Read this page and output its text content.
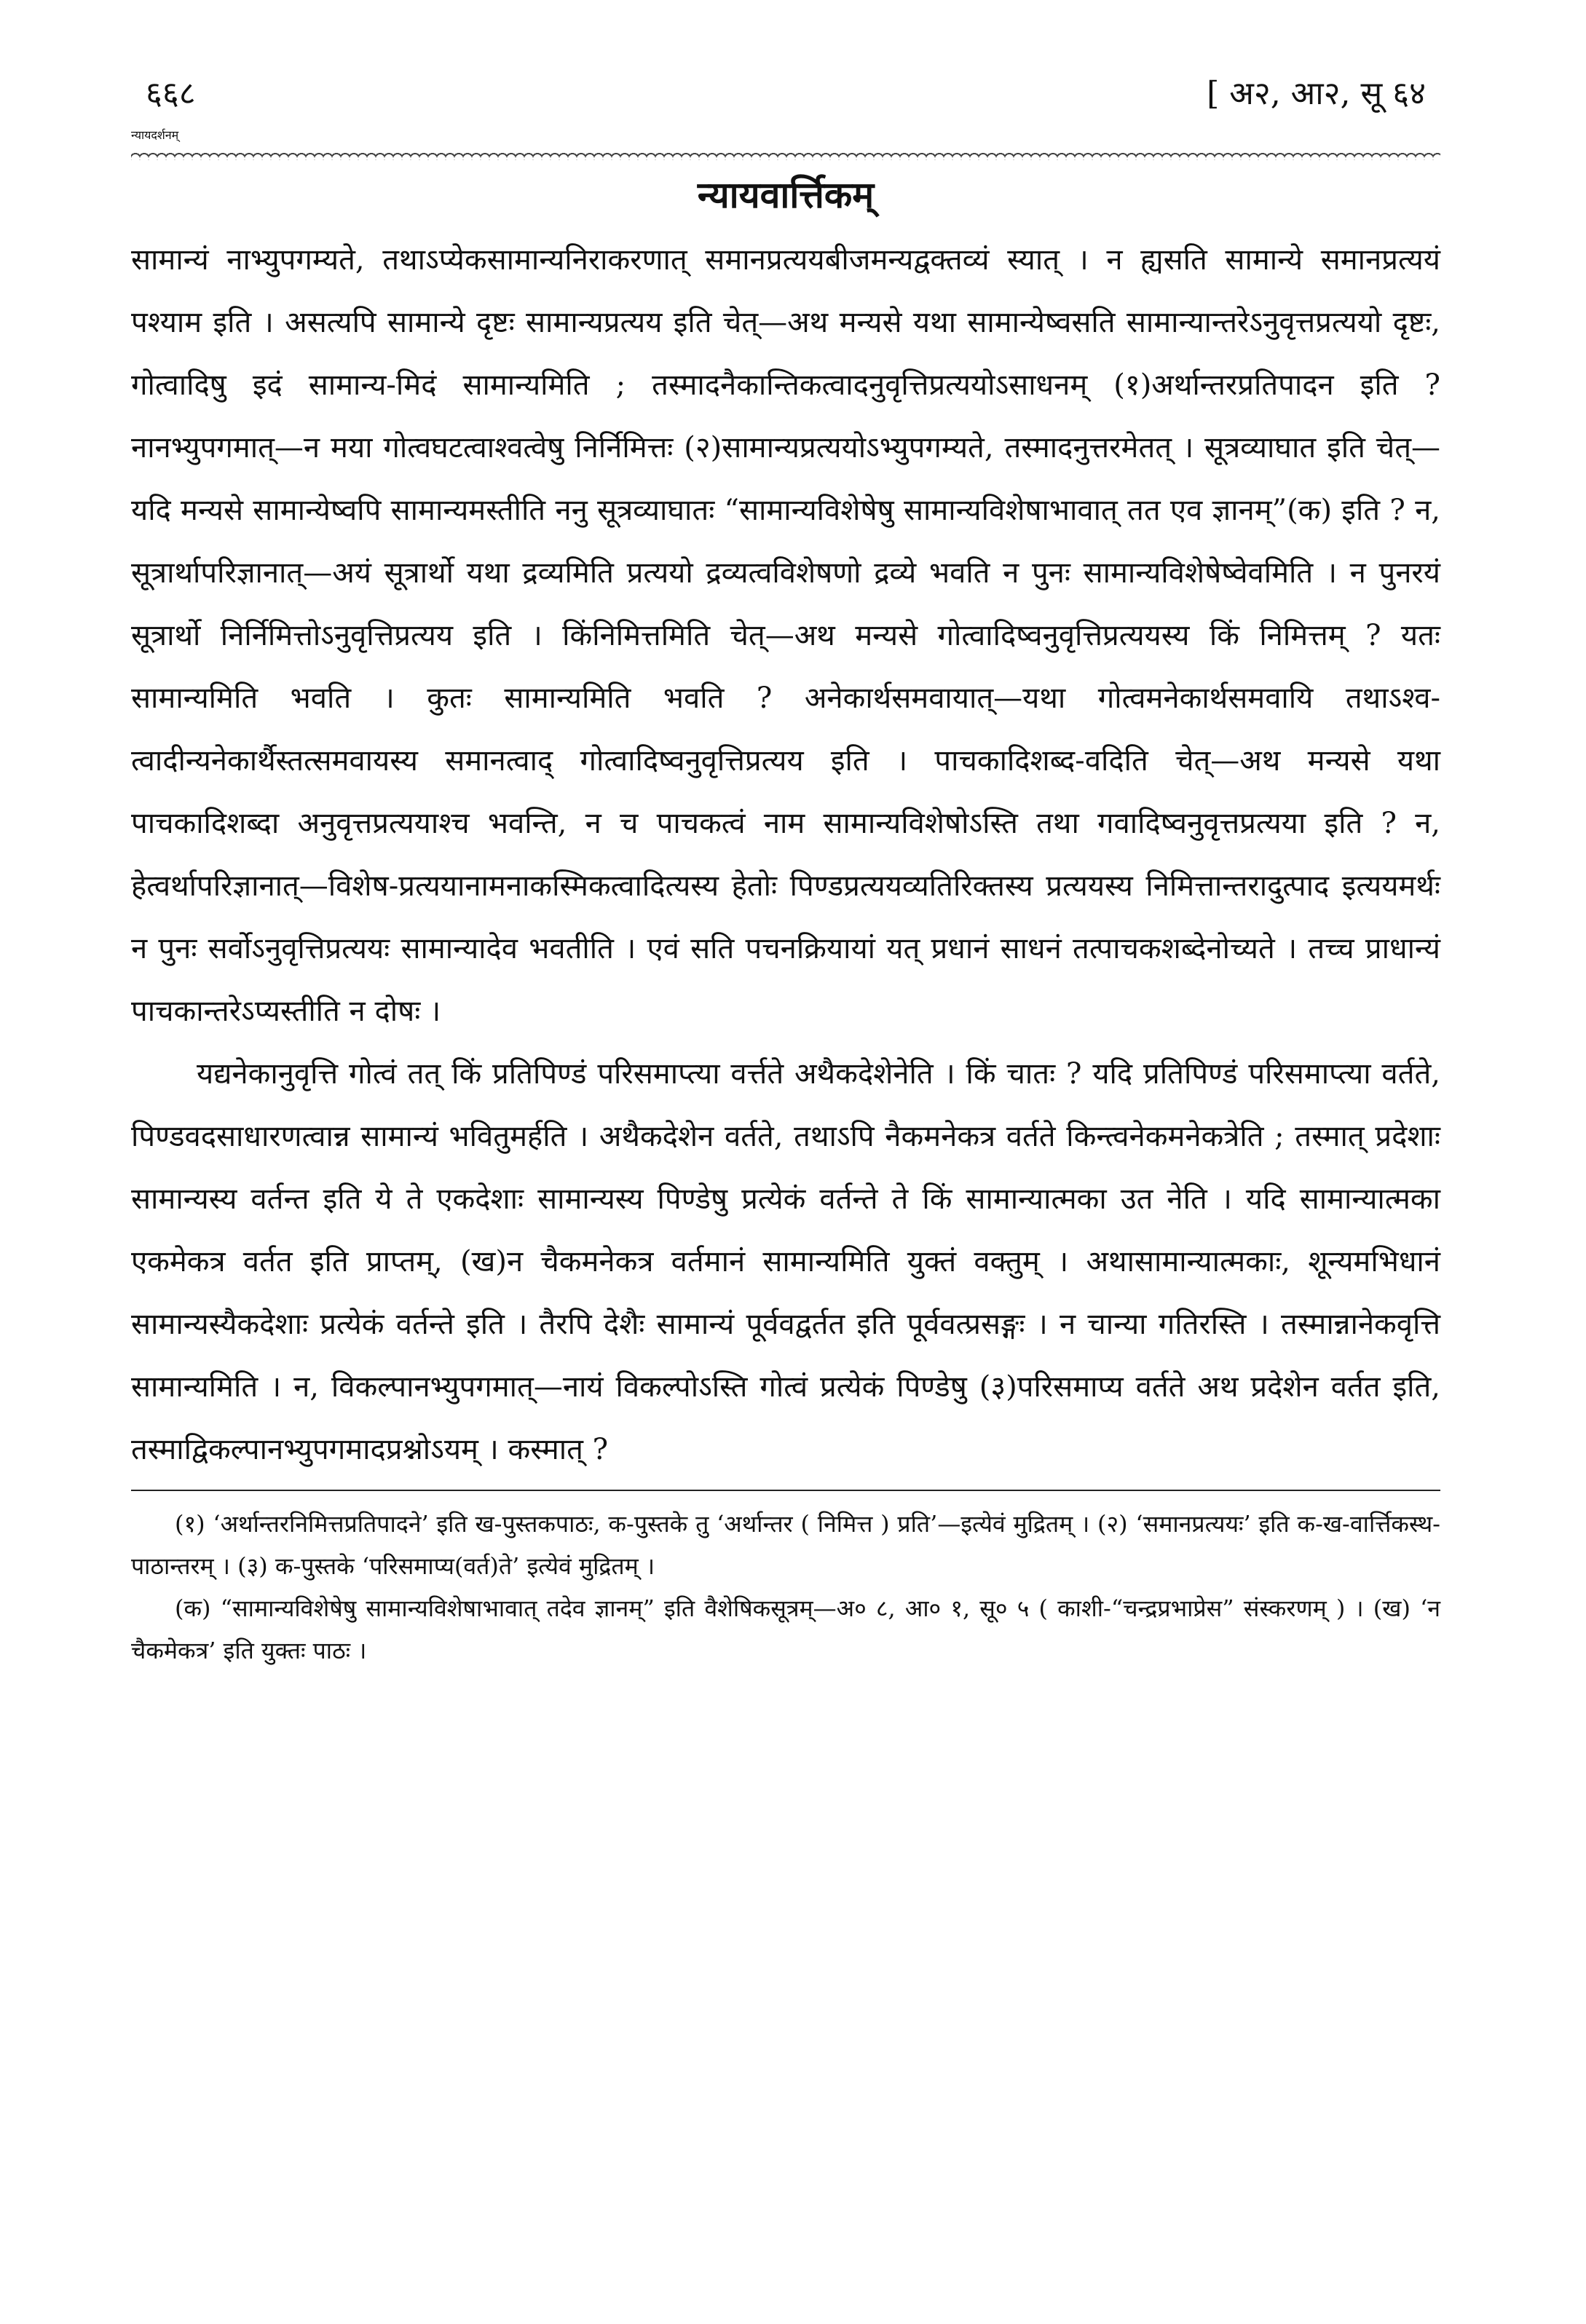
६६८	[ अ२, आ२, सू ६४
न्यायदर्शनम्
न्यायवार्त्तिकम्

सामान्यं नाभ्युपगम्यते, तथाऽप्येकसामान्यनिराकरणात् समानप्रत्ययबीजमन्यद्वक्तव्यं स्यात् । न ह्यसति सामान्ये समानप्रत्ययं पश्याम इति । असत्यपि सामान्ये दृष्टः सामान्यप्रत्यय इति चेत्—अथ मन्यसे यथा सामान्येष्वसति सामान्यान्तरेऽनुवृत्तप्रत्ययो दृष्टः, गोत्वादिषु इदं सामान्य-मिदं सामान्यमिति ; तस्मादनैकान्तिकत्वादनुवृत्तिप्रत्ययोऽसाधनम् (१)अर्थान्तरप्रतिपादन इति ? नानभ्युपगमात्—न मया गोत्वघटत्वाश्वत्वेषु निर्निमित्तः (२)सामान्यप्रत्ययोऽभ्युपगम्यते, तस्मादनुत्तरमेतत् । सूत्रव्याघात इति चेत्—यदि मन्यसे सामान्येष्वपि सामान्यमस्तीति ननु सूत्रव्याघातः “सामान्यविशेषेषु सामान्यविशेषाभावात् तत एव ज्ञानम्”(क) इति ? न, सूत्रार्थापरिज्ञानात्—अयं सूत्रार्थो यथा द्रव्यमिति प्रत्ययो द्रव्यत्वविशेषणो द्रव्ये भवति न पुनः सामान्यविशेषेष्वेवमिति । न पुनरयं सूत्रार्थो निर्निमित्तोऽनुवृत्तिप्रत्यय इति । किंनिमित्तमिति चेत्—अथ मन्यसे गोत्वादिष्वनुवृत्तिप्रत्ययस्य किं निमित्तम् ? यतः सामान्यमिति भवति । कुतः सामान्यमिति भवति ? अनेकार्थसमवायात्—यथा गोत्वमनेकार्थसमवायि तथाऽश्व-त्वादीन्यनेकार्थैस्तत्समवायस्य समानत्वाद् गोत्वादिष्वनुवृत्तिप्रत्यय इति । पाचकादिशब्द-वदिति चेत्—अथ मन्यसे यथा पाचकादिशब्दा अनुवृत्तप्रत्ययाश्च भवन्ति, न च पाचकत्वं नाम सामान्यविशेषोऽस्ति तथा गवादिष्वनुवृत्तप्रत्यया इति ? न, हेत्वर्थापरिज्ञानात्—विशेष-प्रत्ययानामनाकस्मिकत्वादित्यस्य हेतोः पिण्डप्रत्ययव्यतिरिक्तस्य प्रत्ययस्य निमित्तान्तरादुत्पाद इत्ययमर्थः न पुनः सर्वोऽनुवृत्तिप्रत्ययः सामान्यादेव भवतीति । एवं सति पचनक्रियायां यत् प्रधानं साधनं तत्पाचकशब्देनोच्यते । तच्च प्राधान्यं पाचकान्तरेऽप्यस्तीति न दोषः ।

यद्यनेकानुवृत्ति गोत्वं तत् किं प्रतिपिण्डं परिसमाप्त्या वर्त्तते अथैकदेशेनेति । किं चातः ? यदि प्रतिपिण्डं परिसमाप्त्या वर्तते, पिण्डवदसाधारणत्वान्न सामान्यं भवितुमर्हति । अथैकदेशेन वर्तते, तथाऽपि नैकमनेकत्र वर्तते किन्त्वनेकमनेकत्रेति ; तस्मात् प्रदेशाः सामान्यस्य वर्तन्त इति ये ते एकदेशाः सामान्यस्य पिण्डेषु प्रत्येकं वर्तन्ते ते किं सामान्यात्मका उत नेति । यदि सामान्यात्मका एकमेकत्र वर्तत इति प्राप्तम्, (ख)न चैकमनेकत्र वर्तमानं सामान्यमिति युक्तं वक्तुम् । अथासामान्यात्मकाः, शून्यमभिधानं सामान्यस्यैकदेशाः प्रत्येकं वर्तन्ते इति । तैरपि देशैः सामान्यं पूर्ववद्वर्तत इति पूर्ववत्प्रसङ्गः । न चान्या गतिरस्ति । तस्मान्नानेकवृत्ति सामान्यमिति । न, विकल्पानभ्युपगमात्—नायं विकल्पोऽस्ति गोत्वं प्रत्येकं पिण्डेषु (३)परिसमाप्य वर्तते अथ प्रदेशेन वर्तत इति, तस्माद्विकल्पानभ्युपगमादप्रश्नोऽयम् । कस्मात् ?

(१) ‘अर्थान्तरनिमित्तप्रतिपादने’ इति ख-पुस्तकपाठः, क-पुस्तके तु ‘अर्थान्तर ( निमित्त ) प्रति’—इत्येवं मुद्रितम् । (२) ‘समानप्रत्ययः’ इति क-ख-वार्त्तिकस्थ-पाठान्तरम् । (३) क-पुस्तके ‘परिसमाप्य(वर्त)ते’ इत्येवं मुद्रितम् ।

(क) “सामान्यविशेषेषु सामान्यविशेषाभावात् तदेव ज्ञानम्” इति वैशेषिकसूत्रम्—अ० ८, आ० १, सू० ५ ( काशी-“चन्द्रप्रभाप्रेस” संस्करणम् ) । (ख) ‘न चैकमेकत्र’ इति युक्तः पाठः ।
